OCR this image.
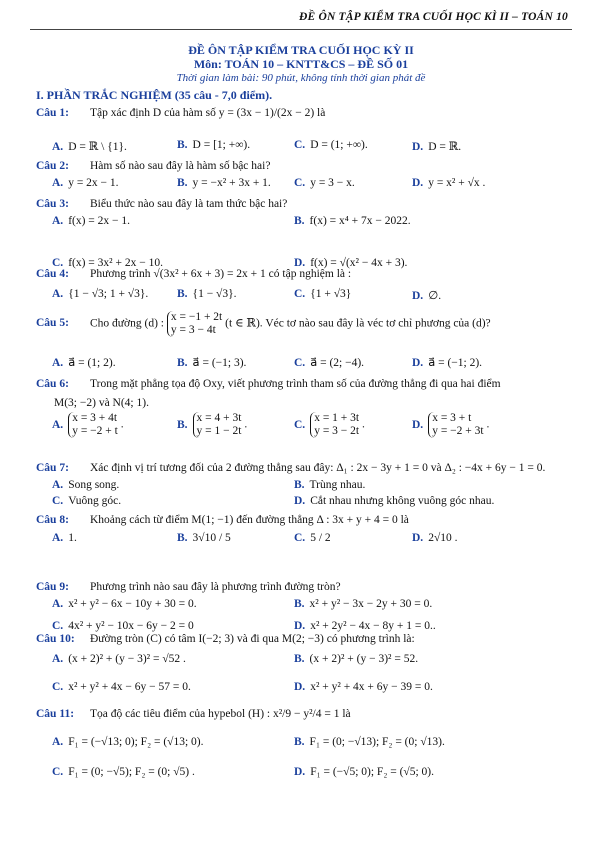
ĐỀ ÔN TẬP KIỂM TRA CUỐI HỌC KÌ II – TOÁN 10
ĐỀ ÔN TẬP KIỂM TRA CUỐI HỌC KỲ II
Môn: TOÁN 10 – KNTT&CS – ĐỀ SỐ 01
Thời gian làm bài: 90 phút, không tính thời gian phát đề
I. PHẦN TRẮC NGHIỆM (35 câu - 7,0 điểm).
Câu 1: Tập xác định D của hàm số y = (3x − 1)/(2x − 2) là
A. D = ℝ \ {1}.	B. D = [1; +∞).	C. D = (1; +∞).	D. D = ℝ.
Câu 2: Hàm số nào sau đây là hàm số bậc hai?
A. y = 2x − 1.	B. y = −x² + 3x + 1. C. y = 3 − x.	D. y = x² + √x .
Câu 3: Biểu thức nào sau đây là tam thức bậc hai?
A. f(x) = 2x − 1.	B. f(x) = x⁴ + 7x − 2022.
C. f(x) = 3x² + 2x − 10.	D. f(x) = √(x² − 4x + 3).
Câu 4: Phương trình √(3x² + 6x + 3) = 2x + 1 có tập nghiệm là :
A. {1 − √3; 1 + √3}. B. {1 − √3}.	C. {1 + √3}	D. ∅.
Câu 5: Cho đường (d) :
x = −1 + 2t
y = 3 − 4t
(t ∈ ℝ). Véc tơ nào sau đây là véc tơ chỉ phương của (d)?
A. a⃗ = (1; 2).	B. a⃗ = (−1; 3).	C. a⃗ = (2; −4).	D. a⃗ = (−1; 2).
Câu 6: Trong mặt phẳng tọa độ Oxy, viết phương trình tham số của đường thẳng đi qua hai điểm
M(3; −2) và N(4; 1).
A.
x = 3 + 4t
y = −2 + t
.	B.
x = 4 + 3t
y = 1 − 2t
.	C.
x = 1 + 3t
y = 3 − 2t
.	D.
x = 3 + t
y = −2 + 3t
.
Câu 7: Xác định vị trí tương đối của 2 đường thẳng sau đây: Δ₁ : 2x − 3y + 1 = 0 và Δ₂ : −4x + 6y − 1 = 0.
A. Song song.	B. Trùng nhau.
C. Vuông góc.	D. Cắt nhau nhưng không vuông góc nhau.
Câu 8: Khoảng cách từ điểm M(1; −1) đến đường thẳng Δ : 3x + y + 4 = 0 là
A. 1.	B. 3√10 / 5	C. 5 / 2	D. 2√10 .
Câu 9: Phương trình nào sau đây là phương trình đường tròn?
A. x² + y² − 6x − 10y + 30 = 0.	B. x² + y² − 3x − 2y + 30 = 0.
C. 4x² + y² − 10x − 6y − 2 = 0	D. x² + 2y² − 4x − 8y + 1 = 0..
Câu 10: Đường tròn (C) có tâm I(−2; 3) và đi qua M(2; −3) có phương trình là:
A. (x + 2)² + (y − 3)² = √52 .	B. (x + 2)² + (y − 3)² = 52.
C. x² + y² + 4x − 6y − 57 = 0.	D. x² + y² + 4x + 6y − 39 = 0.
Câu 11: Tọa độ các tiêu điểm của hypebol (H) : x²/9 − y²/4 = 1 là
A. F₁ = (−√13; 0); F₂ = (√13; 0).	B. F₁ = (0; −√13); F₂ = (0; √13).
C. F₁ = (0; −√5); F₂ = (0; √5) .	D. F₁ = (−√5; 0); F₂ = (√5; 0).
